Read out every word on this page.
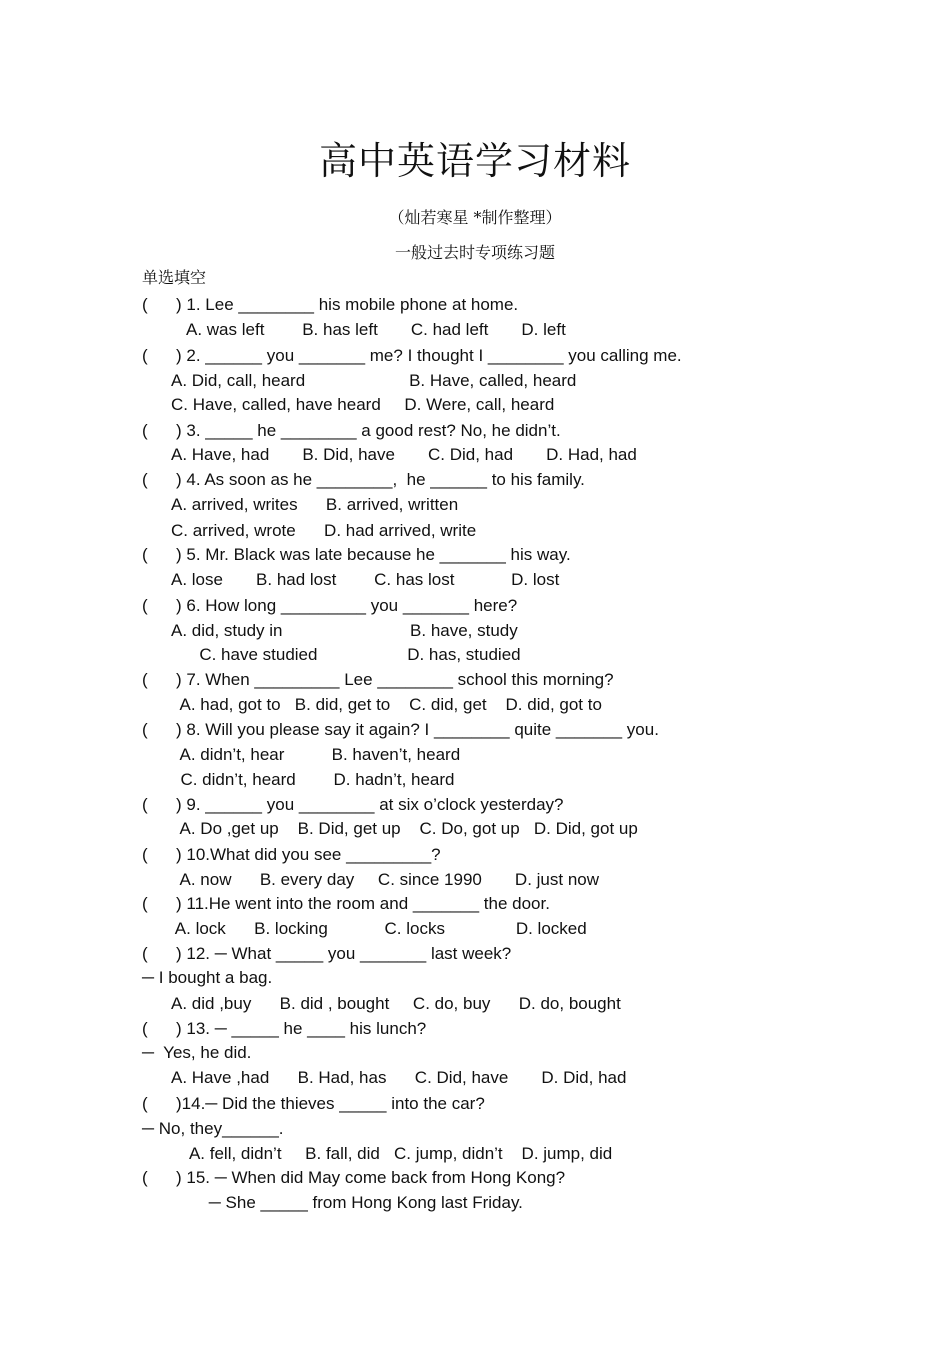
高中英语学习材料
（灿若寒星 *制作整理）
一般过去时专项练习题
单选填空
(      ) 1. Lee ________ his mobile phone at home.
A. was left        B. has left       C. had left       D. left
(      ) 2. ______ you _______ me? I thought I ________ you calling me.
A. Did, call, heard                      B. Have, called, heard
C. Have, called, have heard     D. Were, call, heard
(      ) 3. _____ he ________ a good rest? No, he didn’t.
A. Have, had       B. Did, have       C. Did, had       D. Had, had
(      ) 4. As soon as he ________,  he ______ to his family.
A. arrived, writes      B. arrived, written
C. arrived, wrote      D. had arrived, write
(      ) 5. Mr. Black was late because he _______ his way.
A. lose       B. had lost        C. has lost            D. lost
(      ) 6. How long _________ you _______ here?
A. did, study in                           B. have, study
C. have studied                   D. has, studied
(      ) 7. When _________ Lee ________ school this morning?
A. had, got to   B. did, get to    C. did, get    D. did, got to
(      ) 8. Will you please say it again? I ________ quite _______ you.
A. didn’t, hear          B. haven’t, heard
C. didn’t, heard        D. hadn’t, heard
(      ) 9. ______ you ________ at six o’clock yesterday?
A. Do ,get up    B. Did, get up    C. Do, got up   D. Did, got up
(      ) 10.What did you see _________?
A. now      B. every day     C. since 1990       D. just now
(      ) 11.He went into the room and _______ the door.
A. lock      B. locking            C. locks               D. locked
(      ) 12. ─ What _____ you _______ last week?
─ I bought a bag.
A. did ,buy      B. did , bought     C. do, buy      D. do, bought
(      ) 13. ─ _____ he ____ his lunch?
─  Yes, he did.
A. Have ,had      B. Had, has      C. Did, have       D. Did, had
(      )14.─ Did the thieves _____ into the car?
─ No, they______.
A. fell, didn’t     B. fall, did   C. jump, didn’t    D. jump, did
(      ) 15. ─ When did May come back from Hong Kong?
─ She _____ from Hong Kong last Friday.
